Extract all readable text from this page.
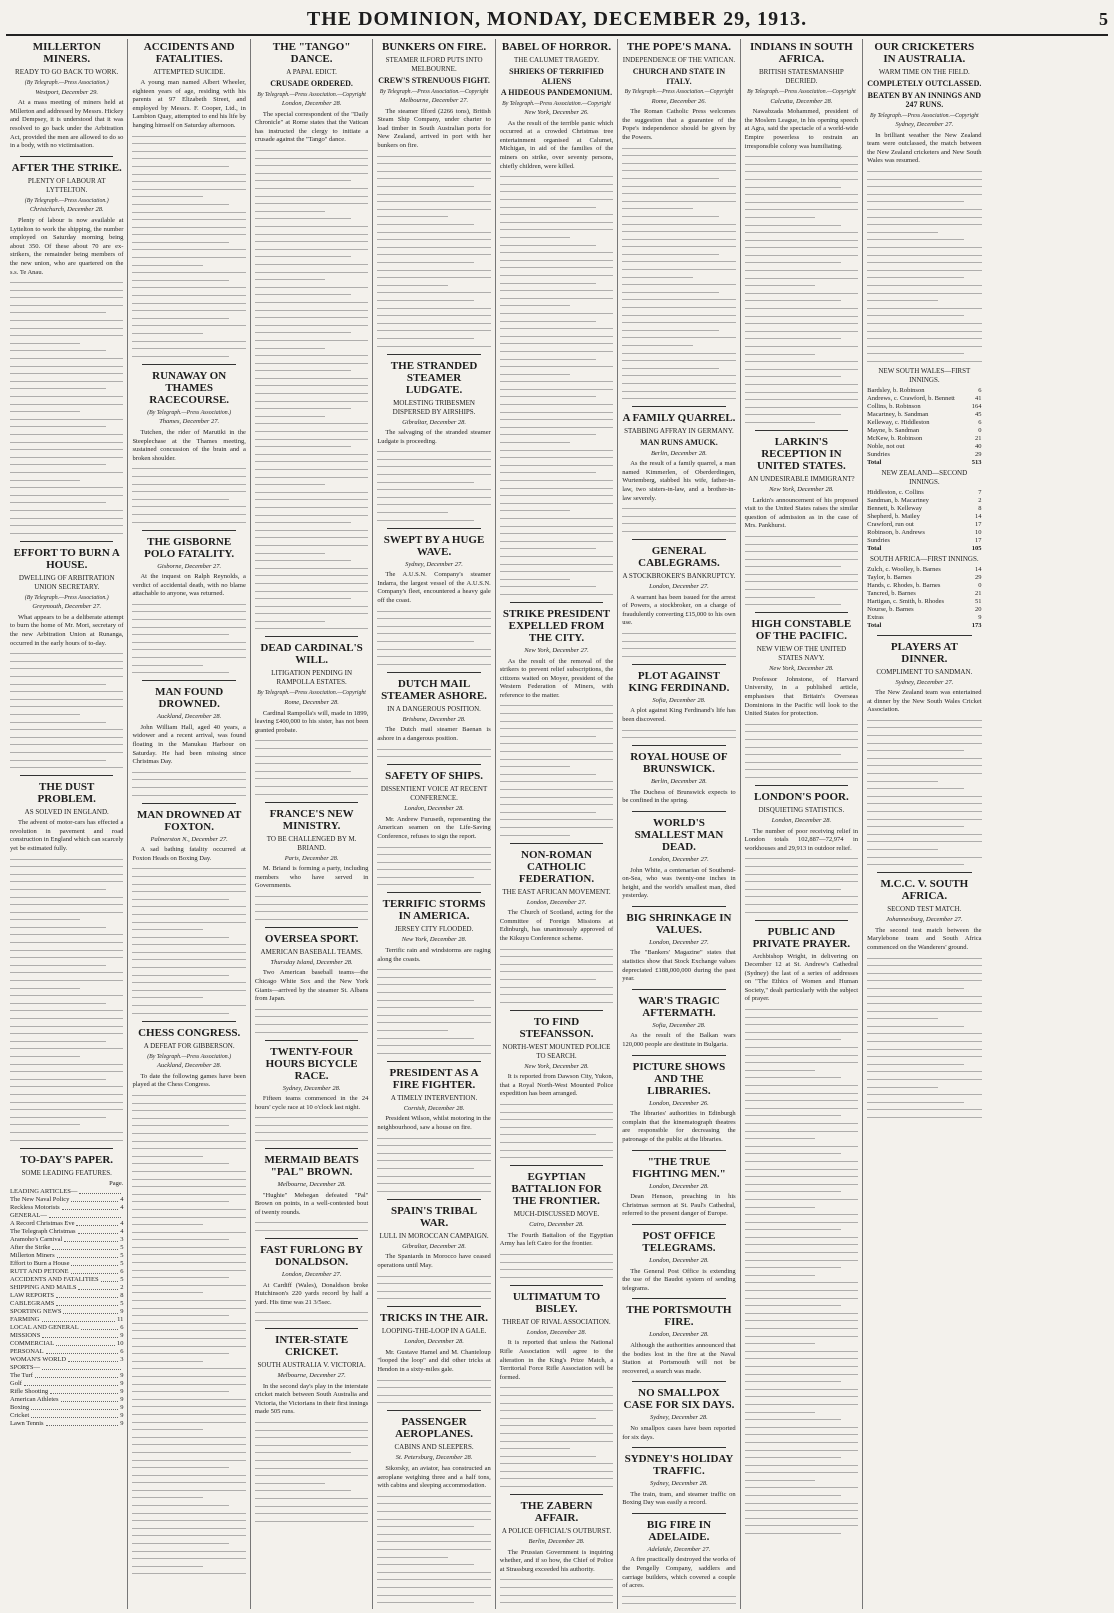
THE DOMINION, MONDAY, DECEMBER 29, 1913.	5
MILLERTON MINERS.
READY TO GO BACK TO WORK.
(By Telegraph.—Press Association.)
Westport, December 29.

At a mass meeting of miners held at Millerton and addressed by Messrs. Hickey and Dempsey, it is understood that it was resolved to go back under the Arbitration Act, provided the men are allowed to do so in a body, with no victimisation.

AFTER THE STRIKE.
PLENTY OF LABOUR AT LYTTELTON.
(By Telegraph.—Press Association.)
Christchurch, December 28.

Plenty of labour is now available at Lyttelton to work the shipping, the number employed on Saturday morning being about 350. Of these about 70 are ex-strikers, the remainder being members of the new union, who are quartered on the s.s. Te Anau.

EFFORT TO BURN A HOUSE.
DWELLING OF ARBITRATION UNION SECRETARY.
(By Telegraph.—Press Association.)
Greymouth, December 27.

What appears to be a deliberate attempt to burn the home of Mr. Mori, secretary of the new Arbitration Union at Runanga, occurred in the early hours of to-day.

THE DUST PROBLEM.
AS SOLVED IN ENGLAND.

The advent of motor-cars has effected a revolution in pavement and road construction in England which can scarcely yet be estimated fully.

TO-DAY'S PAPER.
SOME LEADING FEATURES.
Page.
LEADING ARTICLES—
The New Naval Policy	4
Reckless Motorists	4
GENERAL—
A Record Christmas Eve	4
The Telegraph Christmas	4
Aramoho's Carnival	3
After the Strike	5
Millerton Miners	5
Effort to Burn a House	5
RUTT AND PETONE	6
ACCIDENTS AND FATALITIES	5
SHIPPING AND MAILS	2
LAW REPORTS	8
CABLEGRAMS	5
SPORTING NEWS	9
FARMING	11
LOCAL AND GENERAL	6
MISSIONS	9
COMMERCIAL	10
PERSONAL	6
WOMAN'S WORLD	3
SPORTS—
The Turf	9
Golf	9
Rifle Shooting	9
American Athletes	9
Boxing	9
Cricket	9
Lawn Tennis	9
ACCIDENTS AND FATALITIES.
ATTEMPTED SUICIDE.

A young man named Albert Wheeler, eighteen years of age, residing with his parents at 97 Elizabeth Street, and employed by Messrs. F. Cooper, Ltd., in Lambton Quay, attempted to end his life by hanging himself on Saturday afternoon.

RUNAWAY ON THAMES RACECOURSE.
(By Telegraph.—Press Association.)
Thames, December 27.

Tutchen, the rider of Marutiki in the Steeplechase at the Thames meeting, sustained concussion of the brain and a broken shoulder.

THE GISBORNE POLO FATALITY.
Gisborne, December 27.

At the inquest on Ralph Reynolds, a verdict of accidental death, with no blame attachable to anyone, was returned.

MAN FOUND DROWNED.
Auckland, December 28.

John William Hall, aged 40 years, a widower and a recent arrival, was found floating in the Manukau Harbour on Saturday. He had been missing since Christmas Day.

MAN DROWNED AT FOXTON.
Palmerston N., December 27.

A sad bathing fatality occurred at Foxton Heads on Boxing Day.

CHESS CONGRESS.
A DEFEAT FOR GIBBERSON.
(By Telegraph.—Press Association.)
Auckland, December 28.

To date the following games have been played at the Chess Congress.

THE "TANGO" DANCE.
A PAPAL EDICT.
CRUSADE ORDERED.
By Telegraph.—Press Association.—Copyright
London, December 28.

The special correspondent of the "Daily Chronicle" at Rome states that the Vatican has instructed the clergy to initiate a crusade against the "Tango" dance.

DEAD CARDINAL'S WILL.
LITIGATION PENDING IN RAMPOLLA ESTATES.
By Telegraph.—Press Association.—Copyright
Rome, December 28.

Cardinal Rampolla's will, made in 1899, leaving £400,000 to his sister, has not been granted probate.

FRANCE'S NEW MINISTRY.
TO BE CHALLENGED BY M. BRIAND.
Paris, December 28.

M. Briand is forming a party, including members who have served in Governments.

OVERSEA SPORT.
AMERICAN BASEBALL TEAMS.
Thursday Island, December 28.

Two American baseball teams—the Chicago White Sox and the New York Giants—arrived by the steamer St. Albans from Japan.

TWENTY-FOUR HOURS BICYCLE RACE.
Sydney, December 28.

Fifteen teams commenced in the 24 hours' cycle race at 10 o'clock last night.

MERMAID BEATS "PAL" BROWN.
Melbourne, December 28.

"Hughie" Mehegan defeated "Pal" Brown on points, in a well-contested bout of twenty rounds.

FAST FURLONG BY DONALDSON.
London, December 27.

At Cardiff (Wales), Donaldson broke Hutchinson's 220 yards record by half a yard. His time was 21 3/5sec.

INTER-STATE CRICKET.
SOUTH AUSTRALIA V. VICTORIA.
Melbourne, December 27.

In the second day's play in the interstate cricket match between South Australia and Victoria, the Victorians in their first innings made 505 runs.

BUNKERS ON FIRE.
STEAMER ILFORD PUTS INTO MELBOURNE.
CREW'S STRENUOUS FIGHT.
By Telegraph.—Press Association.—Copyright
Melbourne, December 27.

The steamer Ilford (2266 tons), British Steam Ship Company, under charter to load timber in South Australian ports for New Zealand, arrived in port with her bunkers on fire.

THE STRANDED STEAMER LUDGATE.
MOLESTING TRIBESMEN DISPERSED BY AIRSHIPS.
Gibraltar, December 28.

The salvaging of the stranded steamer Ludgate is proceeding.

SWEPT BY A HUGE WAVE.
Sydney, December 27.

The A.U.S.N. Company's steamer Indarra, the largest vessel of the A.U.S.N. Company's fleet, encountered a heavy gale off the coast.

DUTCH MAIL STEAMER ASHORE.
IN A DANGEROUS POSITION.
Brisbane, December 28.

The Dutch mail steamer Baenan is ashore in a dangerous position.

SAFETY OF SHIPS.
DISSENTIENT VOICE AT RECENT CONFERENCE.
London, December 28.

Mr. Andrew Furuseth, representing the American seamen on the Life-Saving Conference, refuses to sign the report.

TERRIFIC STORMS IN AMERICA.
JERSEY CITY FLOODED.
New York, December 28.

Terrific rain and windstorms are raging along the coasts.

PRESIDENT AS A FIRE FIGHTER.
A TIMELY INTERVENTION.
Cornish, December 28.

President Wilson, whilst motoring in the neighbourhood, saw a house on fire.

SPAIN'S TRIBAL WAR.
LULL IN MOROCCAN CAMPAIGN.
Gibraltar, December 28.

The Spaniards in Morocco have ceased operations until May.

TRICKS IN THE AIR.
LOOPING-THE-LOOP IN A GALE.
London, December 28.

Mr. Gustave Hamel and M. Chanteloup "looped the loop" and did other tricks at Hendon in a sixty-miles gale.

PASSENGER AEROPLANES.
CABINS AND SLEEPERS.
St. Petersburg, December 28.

Sikorsky, an aviator, has constructed an aeroplane weighing three and a half tons, with cabins and sleeping accommodation.

BABEL OF HORROR.
THE CALUMET TRAGEDY.
SHRIEKS OF TERRIFIED ALIENS
A HIDEOUS PANDEMONIUM.
By Telegraph.—Press Association.—Copyright
New York, December 26.

As the result of the terrible panic which occurred at a crowded Christmas tree entertainment organised at Calumet, Michigan, in aid of the families of the miners on strike, over seventy persons, chiefly children, were killed.

STRIKE PRESIDENT EXPELLED FROM THE CITY.
New York, December 27.

As the result of the removal of the strikers to prevent relief subscriptions, the citizens waited on Moyer, president of the Western Federation of Miners, with reference to the matter.

NON-ROMAN CATHOLIC FEDERATION.
THE EAST AFRICAN MOVEMENT.
London, December 27.

The Church of Scotland, acting for the Committee of Foreign Missions at Edinburgh, has unanimously approved of the Kikuyu Conference scheme.

TO FIND STEFANSSON.
NORTH-WEST MOUNTED POLICE TO SEARCH.
New York, December 28.

It is reported from Dawson City, Yukon, that a Royal North-West Mounted Police expedition has been arranged.

EGYPTIAN BATTALION FOR THE FRONTIER.
MUCH-DISCUSSED MOVE.
Cairo, December 28.

The Fourth Battalion of the Egyptian Army has left Cairo for the frontier.

ULTIMATUM TO BISLEY.
THREAT OF RIVAL ASSOCIATION.
London, December 28.

It is reported that unless the National Rifle Association will agree to the alteration in the King's Prize Match, a Territorial Force Rifle Association will be formed.

THE ZABERN AFFAIR.
A POLICE OFFICIAL'S OUTBURST.
Berlin, December 28.

The Prussian Government is inquiring whether, and if so how, the Chief of Police at Strassburg exceeded his authority.

THE POPE'S MANA.
INDEPENDENCE OF THE VATICAN.
CHURCH AND STATE IN ITALY.
By Telegraph.—Press Association.—Copyright
Rome, December 26.

The Roman Catholic Press welcomes the suggestion that a guarantee of the Pope's independence should be given by the Powers.

A FAMILY QUARREL.
STABBING AFFRAY IN GERMANY.
MAN RUNS AMUCK.
Berlin, December 28.

As the result of a family quarrel, a man named Kimmerlen, of Oberderdingen, Wurtemberg, stabbed his wife, father-in-law, two sisters-in-law, and a brother-in-law severely.

GENERAL CABLEGRAMS.
A STOCKBROKER'S BANKRUPTCY.
London, December 27.

A warrant has been issued for the arrest of Powers, a stockbroker, on a charge of fraudulently converting £15,000 to his own use.

PLOT AGAINST KING FERDINAND.
Sofia, December 28.

A plot against King Ferdinand's life has been discovered.

ROYAL HOUSE OF BRUNSWICK.
Berlin, December 28.

The Duchess of Brunswick expects to be confined in the spring.

WORLD'S SMALLEST MAN DEAD.
London, December 27.

John White, a centenarian of Southend-on-Sea, who was twenty-one inches in height, and the world's smallest man, died yesterday.

BIG SHRINKAGE IN VALUES.
London, December 27.

The "Bankers' Magazine" states that statistics show that Stock Exchange values depreciated £188,000,000 during the past year.

WAR'S TRAGIC AFTERMATH.
Sofia, December 28.

As the result of the Balkan wars 120,000 people are destitute in Bulgaria.

PICTURE SHOWS AND THE LIBRARIES.
London, December 26.

The libraries' authorities in Edinburgh complain that the kinematograph theatres are responsible for decreasing the patronage of the public at the libraries.

"THE TRUE FIGHTING MEN."
London, December 28.

Dean Henson, preaching in his Christmas sermon at St. Paul's Cathedral, referred to the present danger of Europe.

POST OFFICE TELEGRAMS.
London, December 28.

The General Post Office is extending the use of the Baudot system of sending telegrams.

THE PORTSMOUTH FIRE.
London, December 28.

Although the authorities announced that the bodies lost in the fire at the Naval Station at Portsmouth will not be recovered, a search was made.

NO SMALLPOX CASE FOR SIX DAYS.
Sydney, December 28.

No smallpox cases have been reported for six days.

SYDNEY'S HOLIDAY TRAFFIC.
Sydney, December 28.

The train, tram, and steamer traffic on Boxing Day was easily a record.

BIG FIRE IN ADELAIDE.
Adelaide, December 27.

A fire practically destroyed the works of the Pengelly Company, saddlers and carriage builders, which covered a couple of acres.

INDIANS IN SOUTH AFRICA.
BRITISH STATESMANSHIP DECRIED.
By Telegraph.—Press Association.—Copyright
Calcutta, December 28.

Nawabzada Mohammed, president of the Moslem League, in his opening speech at Agra, said the spectacle of a world-wide Empire powerless to restrain an irresponsible colony was humiliating.

LARKIN'S RECEPTION IN UNITED STATES.
AN UNDESIRABLE IMMIGRANT?
New York, December 28.

Larkin's announcement of his proposed visit to the United States raises the similar question of admission as in the case of Mrs. Pankhurst.

HIGH CONSTABLE OF THE PACIFIC.
NEW VIEW OF THE UNITED STATES NAVY.
New York, December 28.

Professor Johnstone, of Harvard University, in a published article, emphasises that Britain's Overseas Dominions in the Pacific will look to the United States for protection.

LONDON'S POOR.
DISQUIETING STATISTICS.
London, December 28.

The number of poor receiving relief in London totals 102,887—72,974 in workhouses and 29,913 in outdoor relief.

PUBLIC AND PRIVATE PRAYER.

Archbishop Wright, in delivering on December 12 at St. Andrew's Cathedral (Sydney) the last of a series of addresses on "The Ethics of Women and Human Society," dealt particularly with the subject of prayer.

OUR CRICKETERS IN AUSTRALIA.
WARM TIME ON THE FIELD.
COMPLETELY OUTCLASSED.
BEATEN BY AN INNINGS AND 247 RUNS.
By Telegraph.—Press Association.—Copyright
Sydney, December 27.

In brilliant weather the New Zealand team were outclassed, the match between the New Zealand cricketers and New South Wales was resumed.

NEW SOUTH WALES—FIRST INNINGS.
Bardsley, b. Robinson	6
Andrews, c. Crawford, b. Bennett	41
Collins, b. Robinson	164
Macartney, b. Sandman	45
Kelleway, c. Hiddleston	6
Mayne, b. Sandman	0
McKew, b. Robinson	21
Noble, not out	40
Sundries	29
Total	513
NEW ZEALAND—SECOND INNINGS.
Hiddleston, c. Collins	7
Sandman, b. Macartney	2
Bennett, b. Kelleway	8
Shepherd, b. Mailey	14
Crawford, run out	17
Robinson, b. Andrews	10
Sundries	17
Total	105
SOUTH AFRICA—FIRST INNINGS.
Zulch, c. Woolley, b. Barnes	14
Taylor, b. Barnes	29
Hands, c. Rhodes, b. Barnes	0
Tancred, b. Barnes	21
Hartigan, c. Smith, b. Rhodes	51
Nourse, b. Barnes	20
Extras	9
Total	173
PLAYERS AT DINNER.
COMPLIMENT TO SANDMAN.
Sydney, December 27.

The New Zealand team was entertained at dinner by the New South Wales Cricket Association.

M.C.C. V. SOUTH AFRICA.
SECOND TEST MATCH.
Johannesburg, December 27.

The second test match between the Marylebone team and South Africa commenced on the Wanderers' ground.
